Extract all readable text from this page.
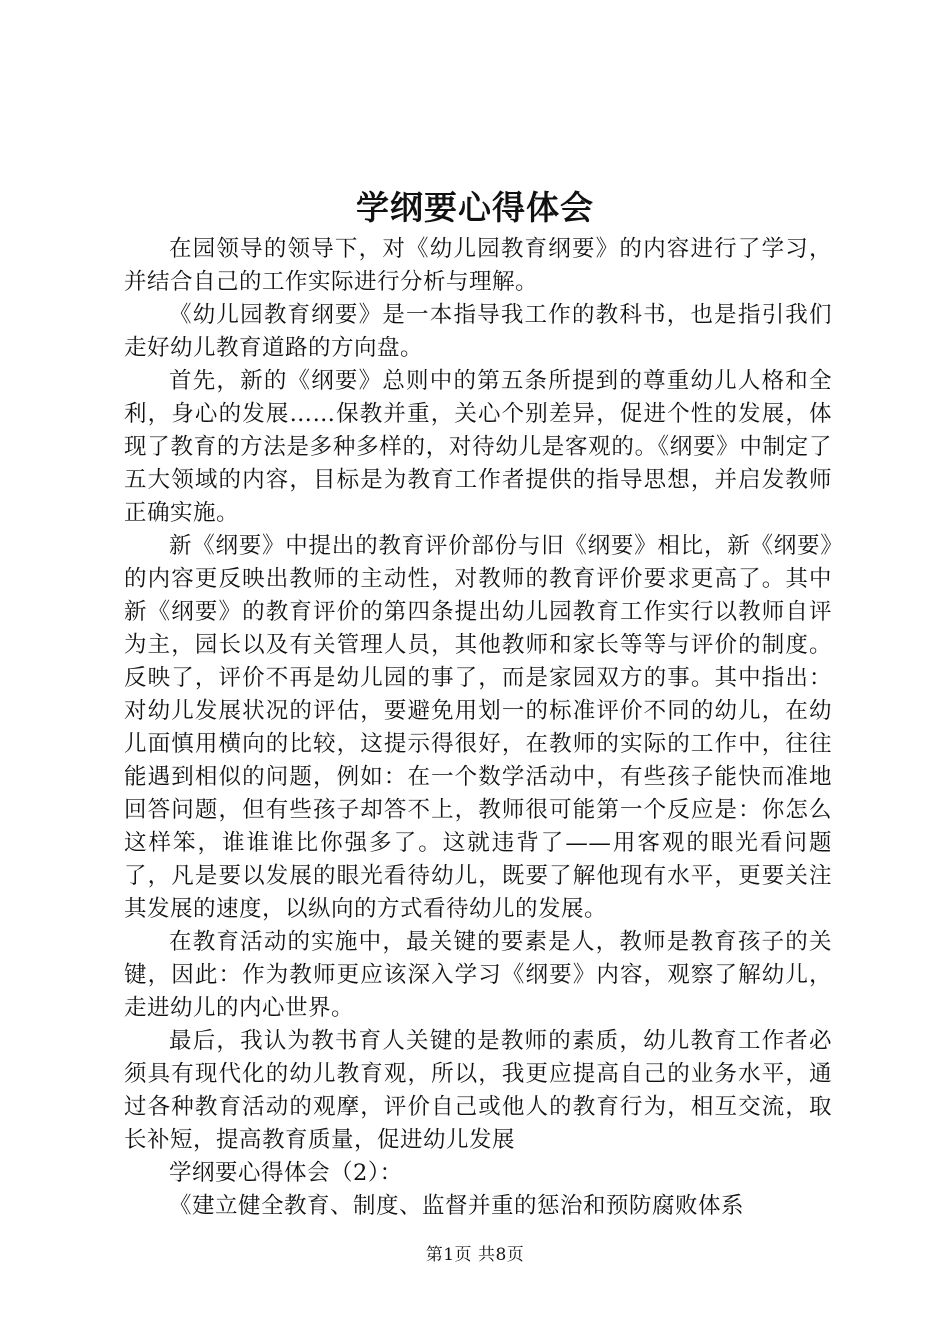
学纲要心得体会

在园领导的领导下，对《幼儿园教育纲要》的内容进行了学习，并结合自己的工作实际进行分析与理解。

《幼儿园教育纲要》是一本指导我工作的教科书，也是指引我们走好幼儿教育道路的方向盘。

首先，新的《纲要》总则中的第五条所提到的尊重幼儿人格和全利，身心的发展……保教并重，关心个别差异，促进个性的发展，体现了教育的方法是多种多样的，对待幼儿是客观的。《纲要》中制定了五大领域的内容，目标是为教育工作者提供的指导思想，并启发教师正确实施。

新《纲要》中提出的教育评价部份与旧《纲要》相比，新《纲要》的内容更反映出教师的主动性，对教师的教育评价要求更高了。其中新《纲要》的教育评价的第四条提出幼儿园教育工作实行以教师自评为主，园长以及有关管理人员，其他教师和家长等等与评价的制度。反映了，评价不再是幼儿园的事了，而是家园双方的事。其中指出：对幼儿发展状况的评估，要避免用划一的标准评价不同的幼儿，在幼儿面慎用横向的比较，这提示得很好，在教师的实际的工作中，往往能遇到相似的问题，例如：在一个数学活动中，有些孩子能快而准地回答问题，但有些孩子却答不上，教师很可能第一个反应是：你怎么这样笨，谁谁谁比你强多了。这就违背了——用客观的眼光看问题了，凡是要以发展的眼光看待幼儿，既要了解他现有水平，更要关注其发展的速度，以纵向的方式看待幼儿的发展。

在教育活动的实施中，最关键的要素是人，教师是教育孩子的关键，因此：作为教师更应该深入学习《纲要》内容，观察了解幼儿，走进幼儿的内心世界。

最后，我认为教书育人关键的是教师的素质，幼儿教育工作者必须具有现代化的幼儿教育观，所以，我更应提高自己的业务水平，通过各种教育活动的观摩，评价自己或他人的教育行为，相互交流，取长补短，提高教育质量，促进幼儿发展

学纲要心得体会（2）：

《建立健全教育、制度、监督并重的惩治和预防腐败体系

第1页 共8页
